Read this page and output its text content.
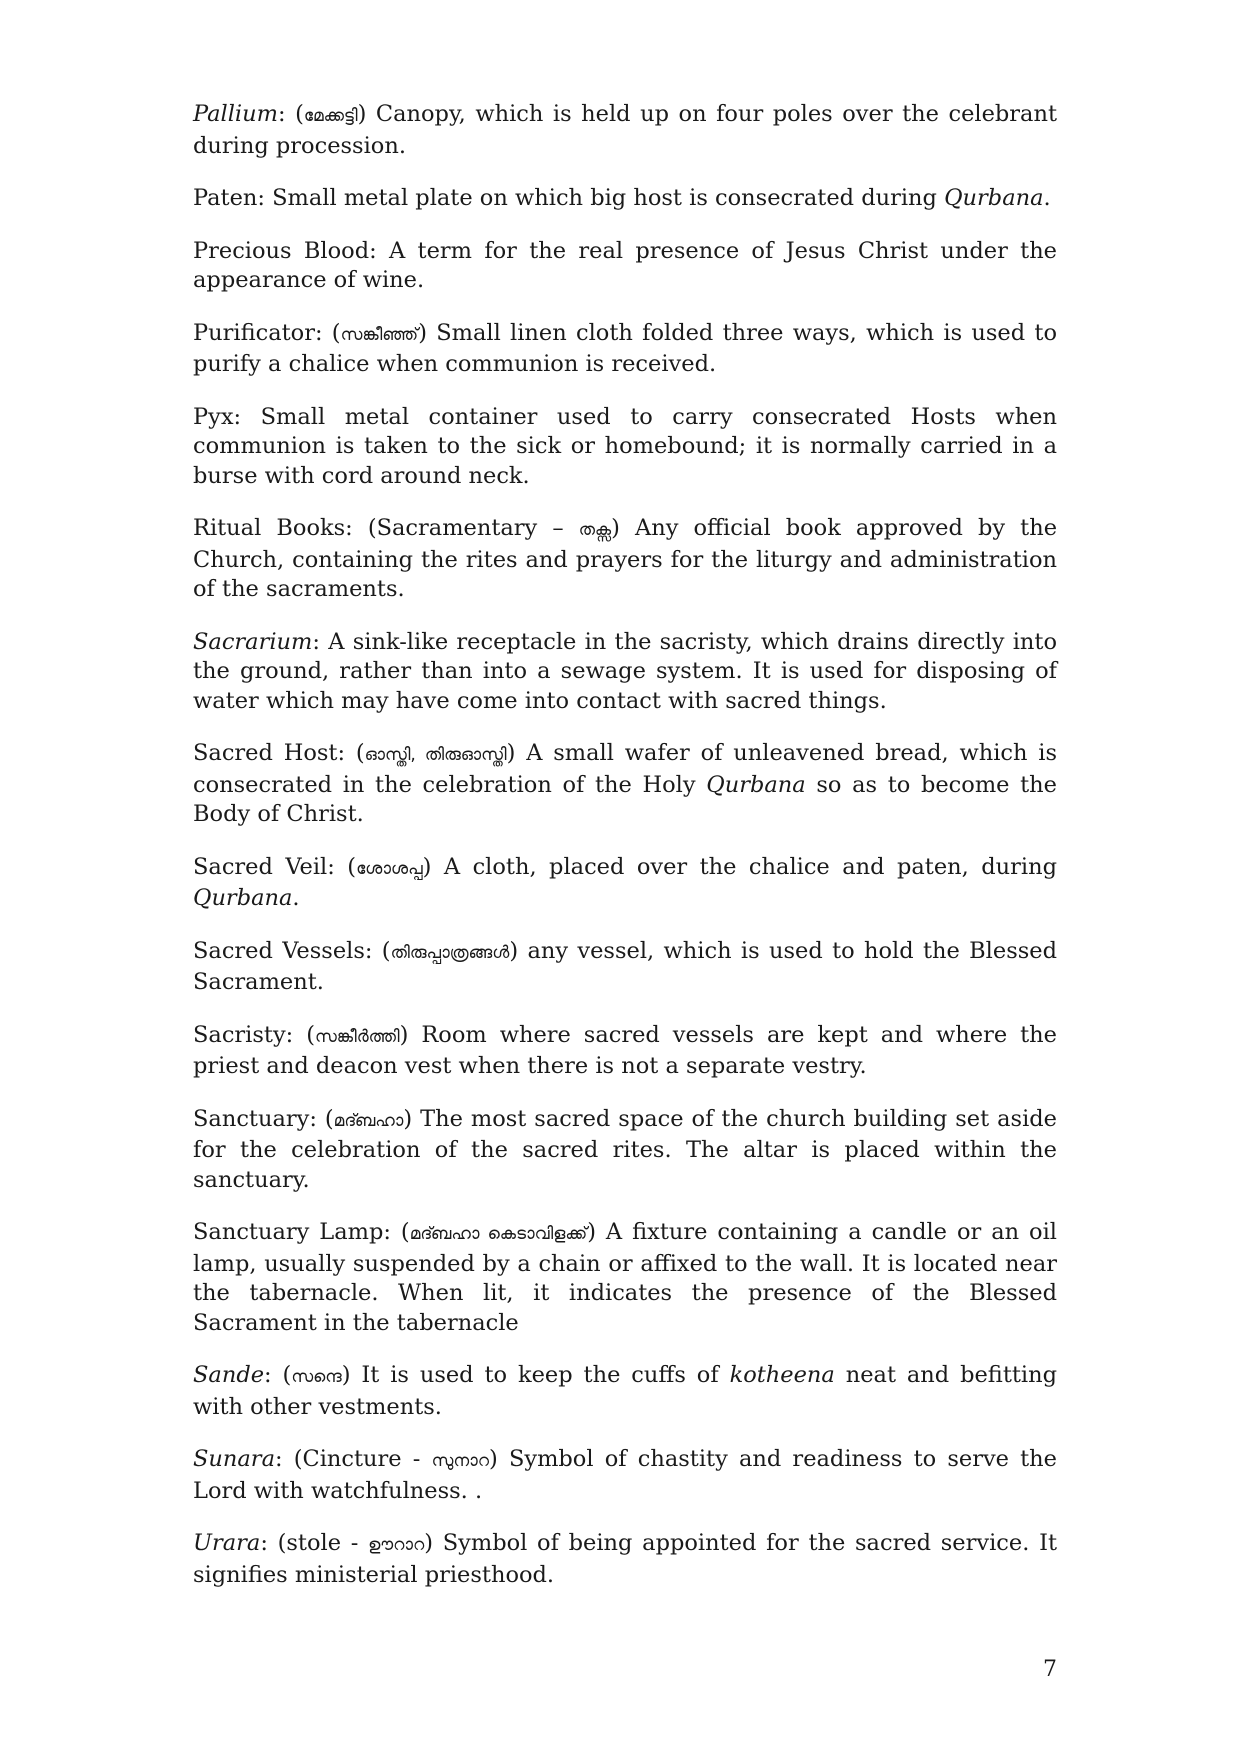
Pallium: (മേക്കട്ടി) Canopy, which is held up on four poles over the celebrant during procession.

Paten: Small metal plate on which big host is consecrated during Qurbana.

Precious Blood: A term for the real presence of Jesus Christ under the appearance of wine.

Purificator: (സങ്കീഞ്ഞ്) Small linen cloth folded three ways, which is used to purify a chalice when communion is received.

Pyx: Small metal container used to carry consecrated Hosts when communion is taken to the sick or homebound; it is normally carried in a burse with cord around neck.

Ritual Books: (Sacramentary – തക്സ) Any official book approved by the Church, containing the rites and prayers for the liturgy and administration of the sacraments.

Sacrarium: A sink-like receptacle in the sacristy, which drains directly into the ground, rather than into a sewage system. It is used for disposing of water which may have come into contact with sacred things.

Sacred Host: (ഓസ്തി, തിരുഓസ്തി) A small wafer of unleavened bread, which is consecrated in the celebration of the Holy Qurbana so as to become the Body of Christ.

Sacred Veil: (ശോശപ്പ) A cloth, placed over the chalice and paten, during Qurbana.

Sacred Vessels: (തിരുപ്പാത്രങ്ങൾ) any vessel, which is used to hold the Blessed Sacrament.

Sacristy: (സങ്കീർത്തി) Room where sacred vessels are kept and where the priest and deacon vest when there is not a separate vestry.

Sanctuary: (മദ്ബഹാ) The most sacred space of the church building set aside for the celebration of the sacred rites. The altar is placed within the sanctuary.

Sanctuary Lamp: (മദ്ബഹാ കെടാവിളക്ക്) A fixture containing a candle or an oil lamp, usually suspended by a chain or affixed to the wall. It is located near the tabernacle. When lit, it indicates the presence of the Blessed Sacrament in the tabernacle

Sande: (സന്ദെ) It is used to keep the cuffs of kotheena neat and befitting with other vestments.

Sunara: (Cincture - സുനാറ) Symbol of chastity and readiness to serve the Lord with watchfulness. .

Urara: (stole - ഊറാറ) Symbol of being appointed for the sacred service. It signifies ministerial priesthood.

7
